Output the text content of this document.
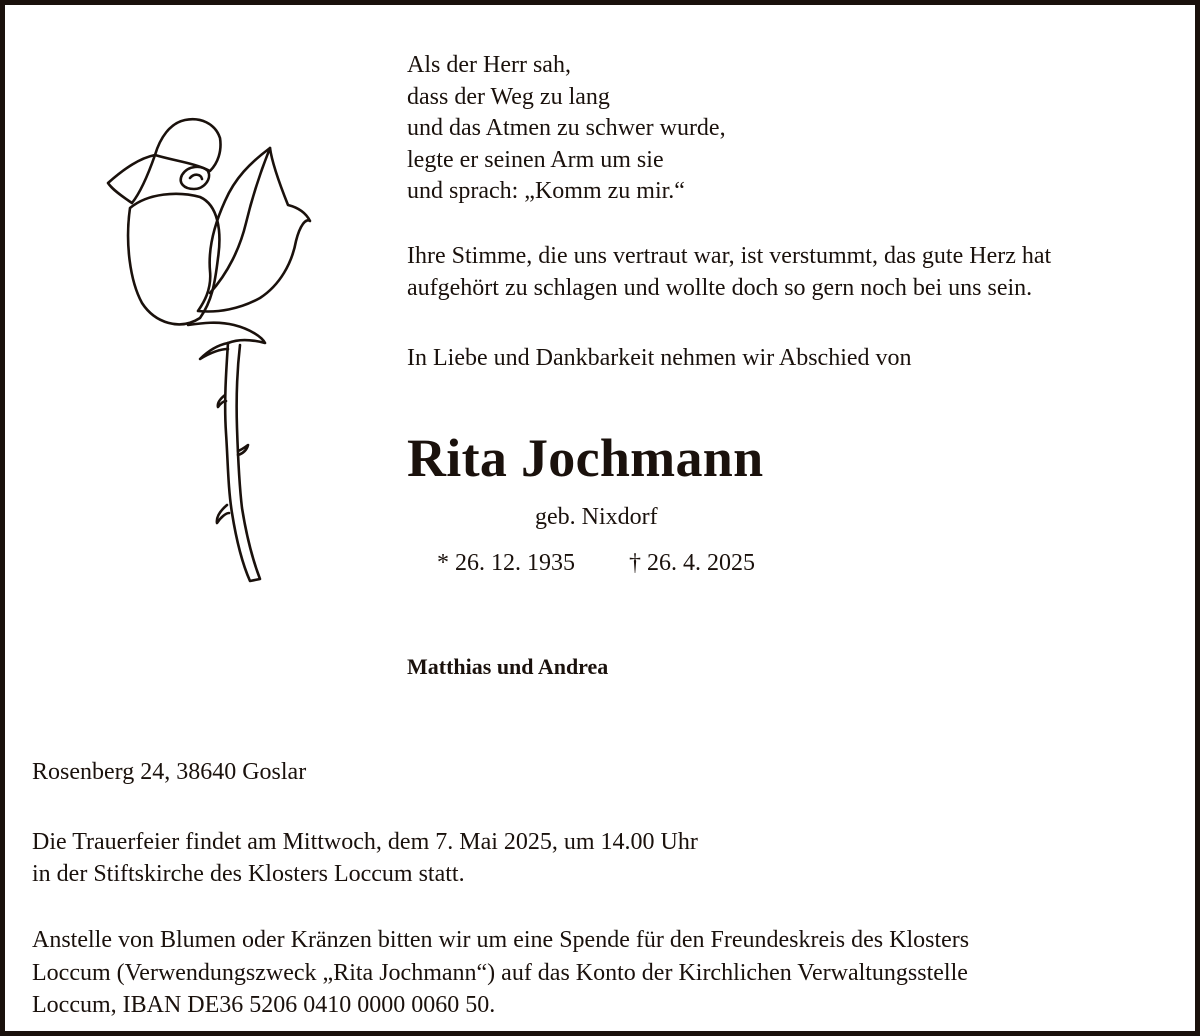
Als der Herr sah,
dass der Weg zu lang
und das Atmen zu schwer wurde,
legte er seinen Arm um sie
und sprach: „Komm zu mir.“
Ihre Stimme, die uns vertraut war, ist verstummt, das gute Herz hat
aufgehört zu schlagen und wollte doch so gern noch bei uns sein.
In Liebe und Dankbarkeit nehmen wir Abschied von
Rita Jochmann
geb. Nixdorf
* 26. 12. 1935 † 26. 4. 2025
Matthias und Andrea
Rosenberg 24, 38640 Goslar
Die Trauerfeier findet am Mittwoch, dem 7. Mai 2025, um 14.00 Uhr
in der Stiftskirche des Klosters Loccum statt.
Anstelle von Blumen oder Kränzen bitten wir um eine Spende für den Freundeskreis des Klosters
Loccum (Verwendungszweck „Rita Jochmann“) auf das Konto der Kirchlichen Verwaltungsstelle
Loccum, IBAN DE36 5206 0410 0000 0060 50.
